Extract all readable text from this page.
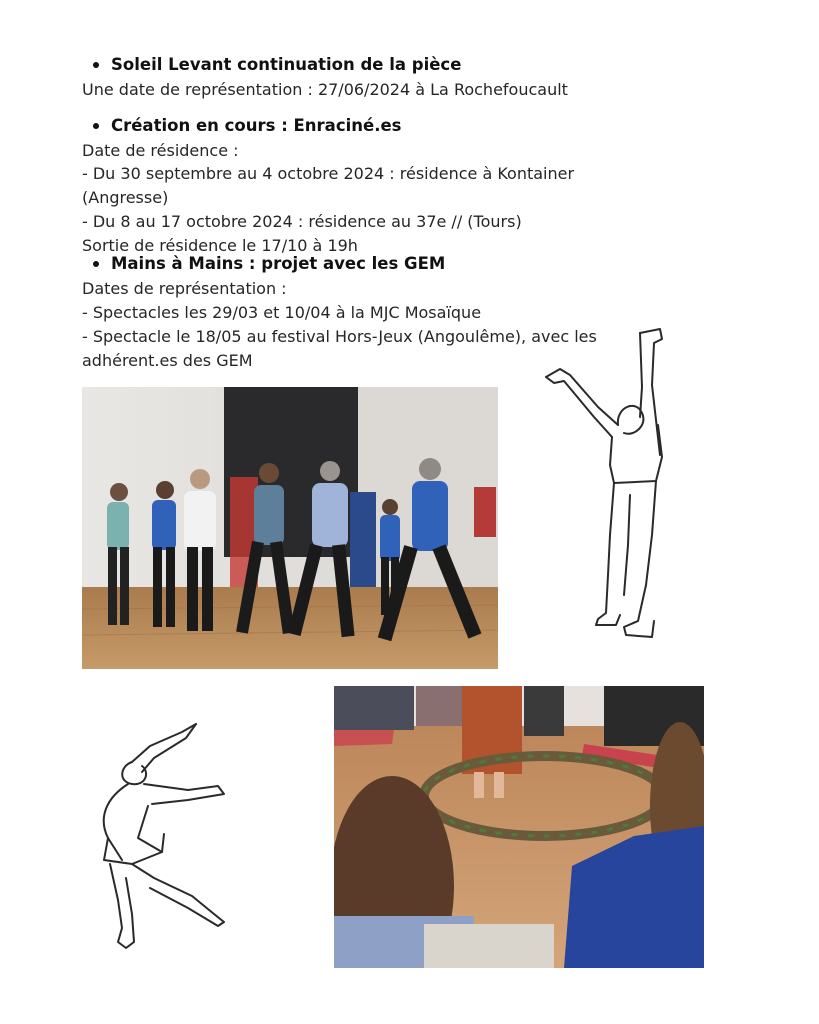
Soleil Levant continuation de la pièce
Une date de représentation : 27/06/2024 à La Rochefoucault
Création en cours : Enraciné.es
Date de résidence :
- Du 30 septembre au 4 octobre 2024 : résidence à Kontainer
(Angresse)
- Du 8 au 17 octobre 2024 : résidence au 37e // (Tours)
Sortie de résidence le 17/10 à 19h
Mains à Mains : projet avec les GEM
Dates de représentation :
- Spectacles les 29/03 et 10/04 à la MJC Mosaïque
- Spectacle le 18/05 au festival Hors-Jeux (Angoulême), avec les
adhérent.es des GEM
